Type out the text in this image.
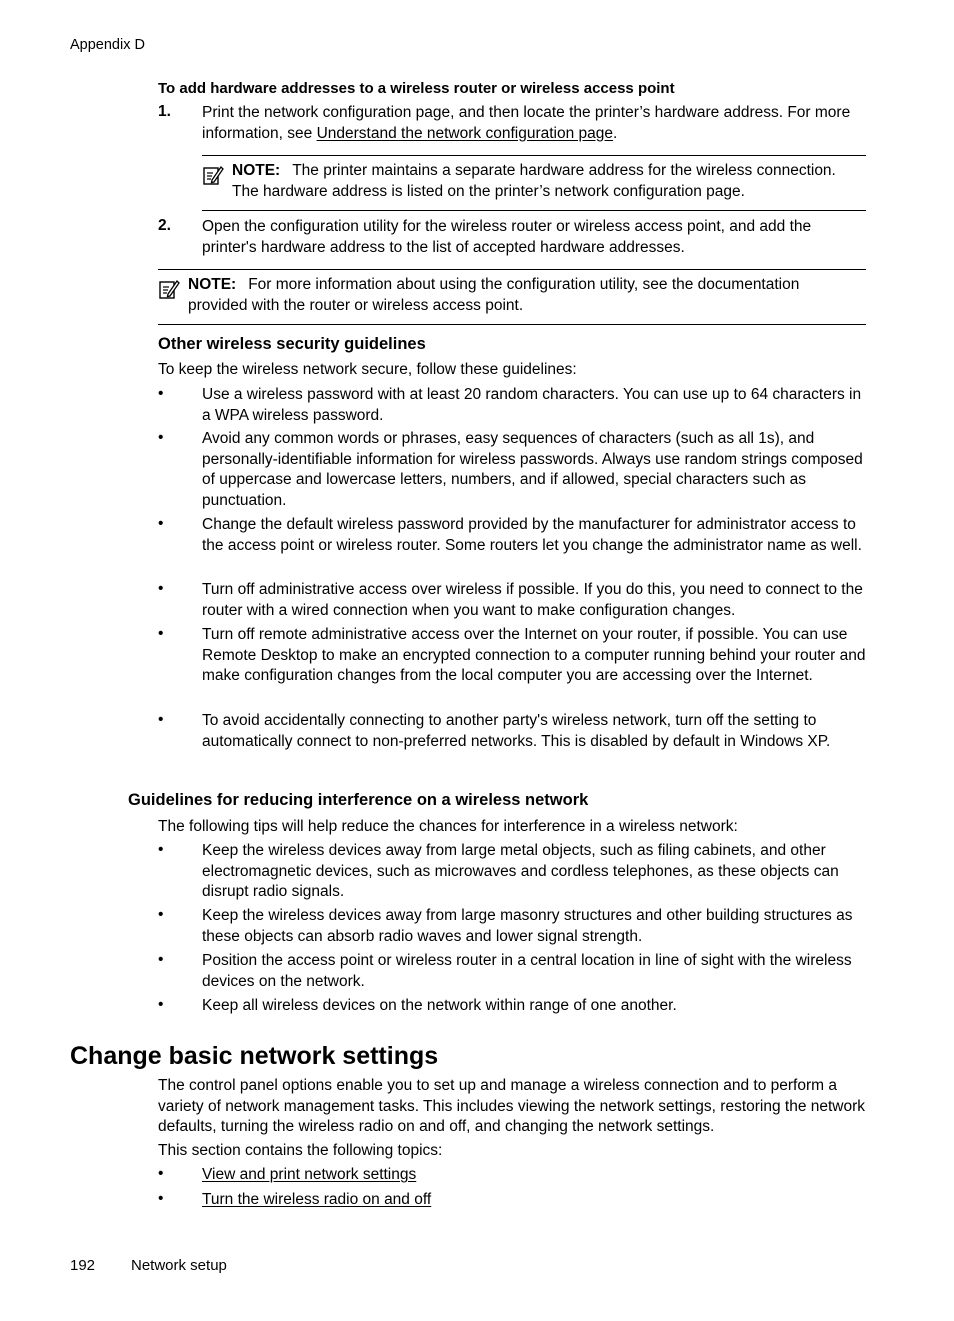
Appendix D
To add hardware addresses to a wireless router or wireless access point
1. Print the network configuration page, and then locate the printer’s hardware address. For more information, see Understand the network configuration page.
NOTE: The printer maintains a separate hardware address for the wireless connection. The hardware address is listed on the printer’s network configuration page.
2. Open the configuration utility for the wireless router or wireless access point, and add the printer's hardware address to the list of accepted hardware addresses.
NOTE: For more information about using the configuration utility, see the documentation provided with the router or wireless access point.
Other wireless security guidelines
To keep the wireless network secure, follow these guidelines:
• Use a wireless password with at least 20 random characters. You can use up to 64 characters in a WPA wireless password.
• Avoid any common words or phrases, easy sequences of characters (such as all 1s), and personally-identifiable information for wireless passwords. Always use random strings composed of uppercase and lowercase letters, numbers, and if allowed, special characters such as punctuation.
• Change the default wireless password provided by the manufacturer for administrator access to the access point or wireless router. Some routers let you change the administrator name as well.
• Turn off administrative access over wireless if possible. If you do this, you need to connect to the router with a wired connection when you want to make configuration changes.
• Turn off remote administrative access over the Internet on your router, if possible. You can use Remote Desktop to make an encrypted connection to a computer running behind your router and make configuration changes from the local computer you are accessing over the Internet.
• To avoid accidentally connecting to another party's wireless network, turn off the setting to automatically connect to non-preferred networks. This is disabled by default in Windows XP.
Guidelines for reducing interference on a wireless network
The following tips will help reduce the chances for interference in a wireless network:
• Keep the wireless devices away from large metal objects, such as filing cabinets, and other electromagnetic devices, such as microwaves and cordless telephones, as these objects can disrupt radio signals.
• Keep the wireless devices away from large masonry structures and other building structures as these objects can absorb radio waves and lower signal strength.
• Position the access point or wireless router in a central location in line of sight with the wireless devices on the network.
• Keep all wireless devices on the network within range of one another.
Change basic network settings
The control panel options enable you to set up and manage a wireless connection and to perform a variety of network management tasks. This includes viewing the network settings, restoring the network defaults, turning the wireless radio on and off, and changing the network settings.
This section contains the following topics:
• View and print network settings
• Turn the wireless radio on and off
192 Network setup
